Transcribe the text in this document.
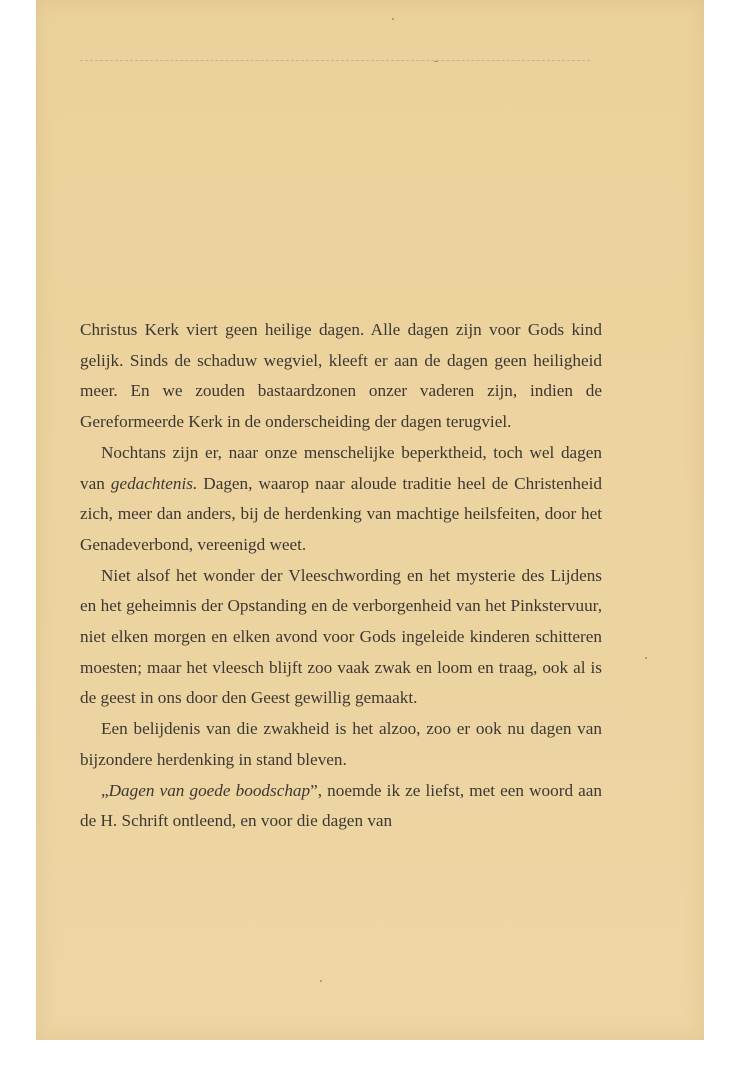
Christus Kerk viert geen heilige dagen. Alle dagen zijn voor Gods kind gelijk. Sinds de schaduw wegviel, kleeft er aan de dagen geen heiligheid meer. En we zouden bastaardzonen onzer vaderen zijn, indien de Gereformeerde Kerk in de onderscheiding der dagen terugviel.

Nochtans zijn er, naar onze menschelijke beperktheid, toch wel dagen van gedachtenis. Dagen, waarop naar aloude traditie heel de Christenheid zich, meer dan anders, bij de herdenking van machtige heilsfeiten, door het Genadeverbond, vereenigd weet.

Niet alsof het wonder der Vleeschwording en het mysterie des Lijdens en het geheimnis der Opstanding en de verborgenheid van het Pinkstervuur, niet elken morgen en elken avond voor Gods ingeleide kinderen schitteren moesten; maar het vleesch blijft zoo vaak zwak en loom en traag, ook al is de geest in ons door den Geest gewillig gemaakt.

Een belijdenis van die zwakheid is het alzoo, zoo er ook nu dagen van bijzondere herdenking in stand bleven.

„Dagen van goede boodschap”, noemde ik ze liefst, met een woord aan de H. Schrift ontleend, en voor die dagen van
